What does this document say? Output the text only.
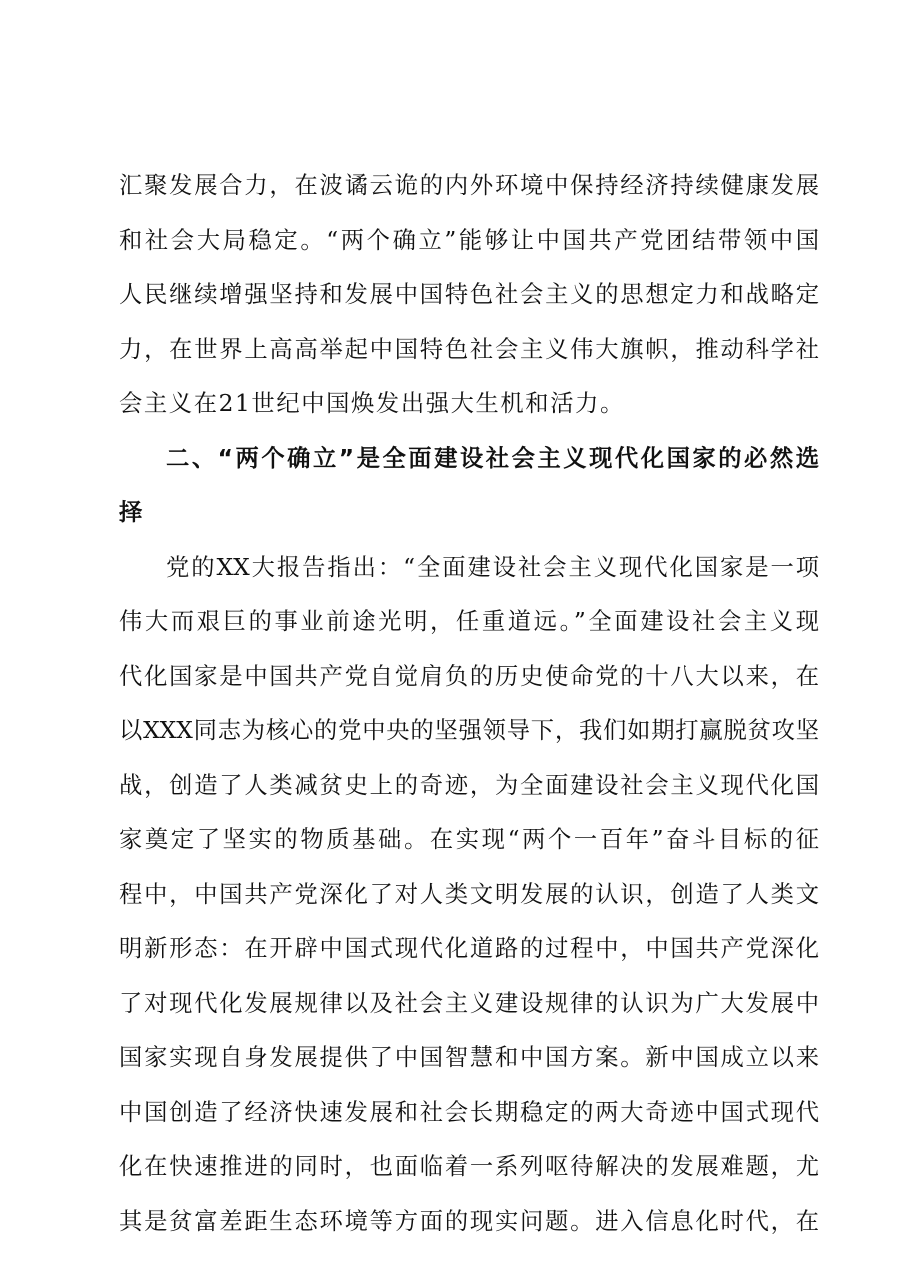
汇聚发展合力，在波谲云诡的内外环境中保持经济持续健康发展
和社会大局稳定。“两个确立”能够让中国共产党团结带领中国
人民继续增强坚持和发展中国特色社会主义的思想定力和战略定
力，在世界上高高举起中国特色社会主义伟大旗帜，推动科学社
会主义在21世纪中国焕发出强大生机和活力。
二、“两个确立”是全面建设社会主义现代化国家的必然选
择
党的XX大报告指出：“全面建设社会主义现代化国家是一项
伟大而艰巨的事业前途光明，任重道远。”全面建设社会主义现
代化国家是中国共产党自觉肩负的历史使命党的十八大以来，在
以XXX同志为核心的党中央的坚强领导下，我们如期打赢脱贫攻坚
战，创造了人类减贫史上的奇迹，为全面建设社会主义现代化国
家奠定了坚实的物质基础。在实现“两个一百年”奋斗目标的征
程中，中国共产党深化了对人类文明发展的认识，创造了人类文
明新形态：在开辟中国式现代化道路的过程中，中国共产党深化
了对现代化发展规律以及社会主义建设规律的认识为广大发展中
国家实现自身发展提供了中国智慧和中国方案。新中国成立以来
中国创造了经济快速发展和社会长期稳定的两大奇迹中国式现代
化在快速推进的同时，也面临着一系列呕待解决的发展难题，尤
其是贫富差距生态环境等方面的现实问题。进入信息化时代，在
